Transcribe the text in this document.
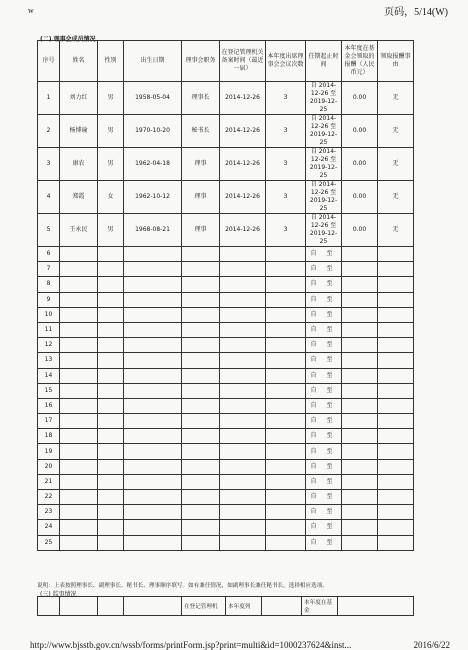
w	页码，5/14(W)
(二) 理事会成员情况
序号	姓名	性别	出生日期	理事会职务	在登记管理机关备案时间（最近一届）	本年度出席理事会会议次数	任期起止时间	本年度在基金会领取的报酬（人民币元）	领取报酬事由
1	刘力红	男	1958-05-04	理事长	2014-12-26	3	自 2014-12-26 至 2019-12-25	0.00	无
2	杨博瑜	男	1970-10-20	秘书长	2014-12-26	3	自 2014-12-26 至 2019-12-25	0.00	无
3	康农	男	1962-04-18	理事	2014-12-26	3	自 2014-12-26 至 2019-12-25	0.00	无
4	郑霞	女	1962-10-12	理事	2014-12-26	3	自 2014-12-26 至 2019-12-25	0.00	无
5	王永民	男	1968-08-21	理事	2014-12-26	3	自 2014-12-26 至 2019-12-25	0.00	无
6							自 至		
7							自 至		
8							自 至		
9							自 至		
10							自 至		
11							自 至		
12							自 至		
13							自 至		
14							自 至		
15							自 至		
16							自 至		
17							自 至		
18							自 至		
19							自 至		
20							自 至		
21							自 至		
22							自 至		
23							自 至		
24							自 至		
25							自 至		
说明：上表按照理事长、副理事长、秘书长、理事顺序填写。如有兼任情况，如副理事长兼任秘书长，选择相应选项。
(三) 监事情况
				在登记管理机	本年度列		本年度在基金	
http://www.bjsstb.gov.cn/wssb/forms/printForm.jsp?print=multi&id=1000237624&inst...	2016/6/22
